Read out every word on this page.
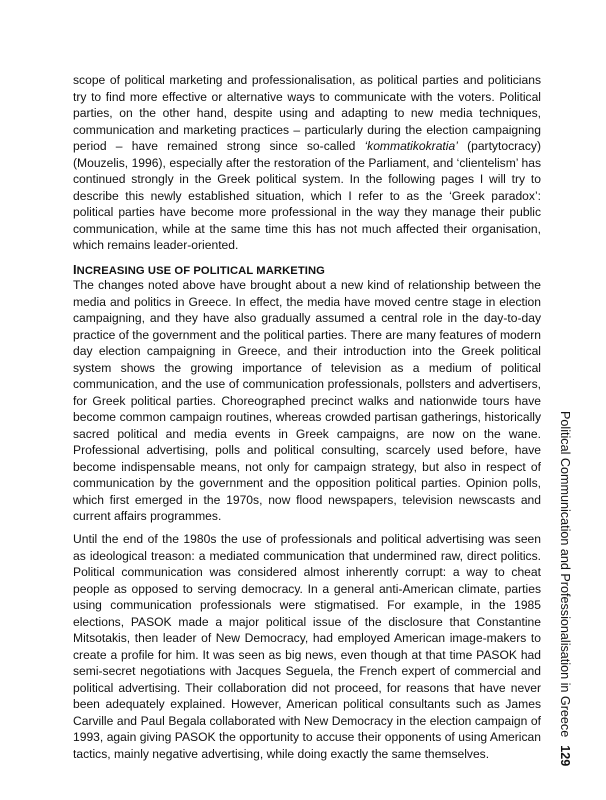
scope of political marketing and professionalisation, as political parties and politicians try to find more effective or alternative ways to communicate with the voters. Political parties, on the other hand, despite using and adapting to new media techniques, communication and marketing practices – particularly during the election campaigning period – have remained strong since so-called ‘kommatikokratia’ (partytocracy) (Mouzelis, 1996), especially after the restoration of the Parliament, and ‘clientelism’ has continued strongly in the Greek political system. In the following pages I will try to describe this newly established situation, which I refer to as the ‘Greek paradox’: political parties have become more professional in the way they manage their public communication, while at the same time this has not much affected their organisation, which remains leader-oriented.

INCREASING USE OF POLITICAL MARKETING

The changes noted above have brought about a new kind of relationship between the media and politics in Greece. In effect, the media have moved centre stage in election campaigning, and they have also gradually assumed a central role in the day-to-day practice of the government and the political parties. There are many features of modern day election campaigning in Greece, and their introduction into the Greek political system shows the growing importance of television as a medium of political communication, and the use of communication professionals, pollsters and advertisers, for Greek political parties. Choreographed precinct walks and nationwide tours have become common campaign routines, whereas crowded partisan gatherings, historically sacred political and media events in Greek campaigns, are now on the wane. Professional advertising, polls and political consulting, scarcely used before, have become indispensable means, not only for campaign strategy, but also in respect of communication by the government and the opposition political parties. Opinion polls, which first emerged in the 1970s, now flood newspapers, television newscasts and current affairs programmes.

Until the end of the 1980s the use of professionals and political advertising was seen as ideological treason: a mediated communication that undermined raw, direct politics. Political communication was considered almost inherently corrupt: a way to cheat people as opposed to serving democracy. In a general anti-American climate, parties using communication professionals were stigmatised. For example, in the 1985 elections, PASOK made a major political issue of the disclosure that Constantine Mitsotakis, then leader of New Democracy, had employed American image-makers to create a profile for him. It was seen as big news, even though at that time PASOK had semi-secret negotiations with Jacques Seguela, the French expert of commercial and political advertising. Their collaboration did not proceed, for reasons that have never been adequately explained. However, American political consultants such as James Carville and Paul Begala collaborated with New Democracy in the election campaign of 1993, again giving PASOK the opportunity to accuse their opponents of using American tactics, mainly negative advertising, while doing exactly the same themselves.

Political Communication and Professionalisation in Greece129
